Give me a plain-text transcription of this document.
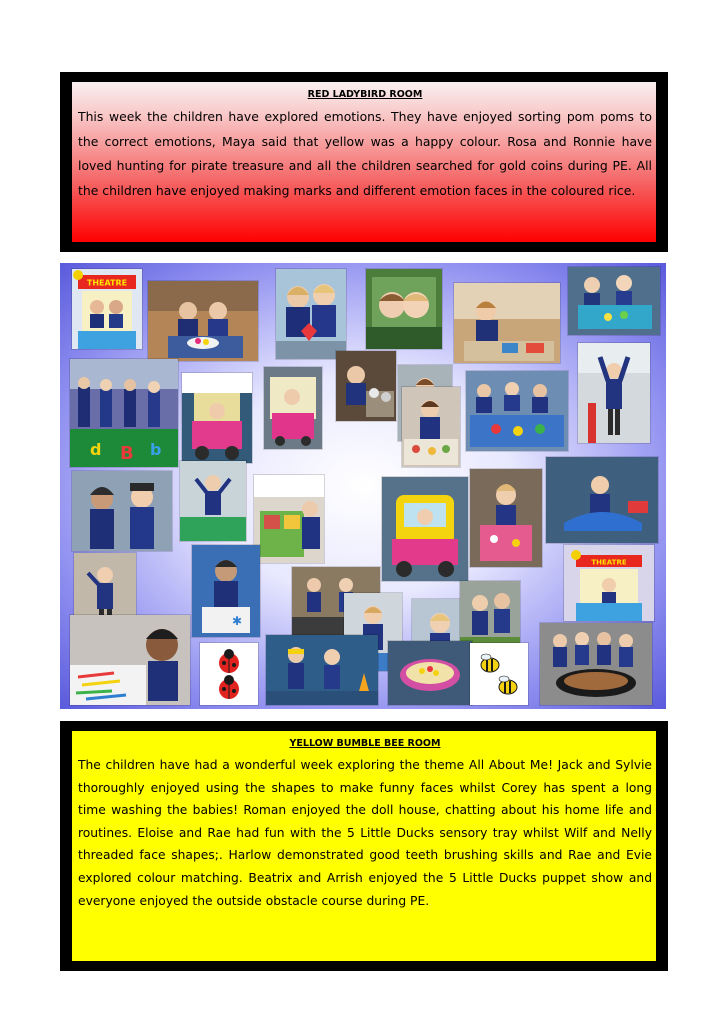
RED LADYBIRD ROOM

This week the children have explored emotions. They have enjoyed sorting pom poms to the correct emotions, Maya said that yellow was a happy colour. Rosa and Ronnie have loved hunting for pirate treasure and all the children searched for gold coins during PE. All the children have enjoyed making marks and different emotion faces in the coloured rice.

THEATRE
d B b
✱
THEATRE
YELLOW BUMBLE BEE ROOM

The children have had a wonderful week exploring the theme All About Me! Jack and Sylvie thoroughly enjoyed using the shapes to make funny faces whilst Corey has spent a long time washing the babies! Roman enjoyed the doll house, chatting about his home life and routines. Eloise and Rae had fun with the 5 Little Ducks sensory tray whilst Wilf and Nelly threaded face shapes;. Harlow demonstrated good teeth brushing skills and Rae and Evie explored colour matching. Beatrix and Arrish enjoyed the 5 Little Ducks puppet show and everyone enjoyed the outside obstacle course during PE.
